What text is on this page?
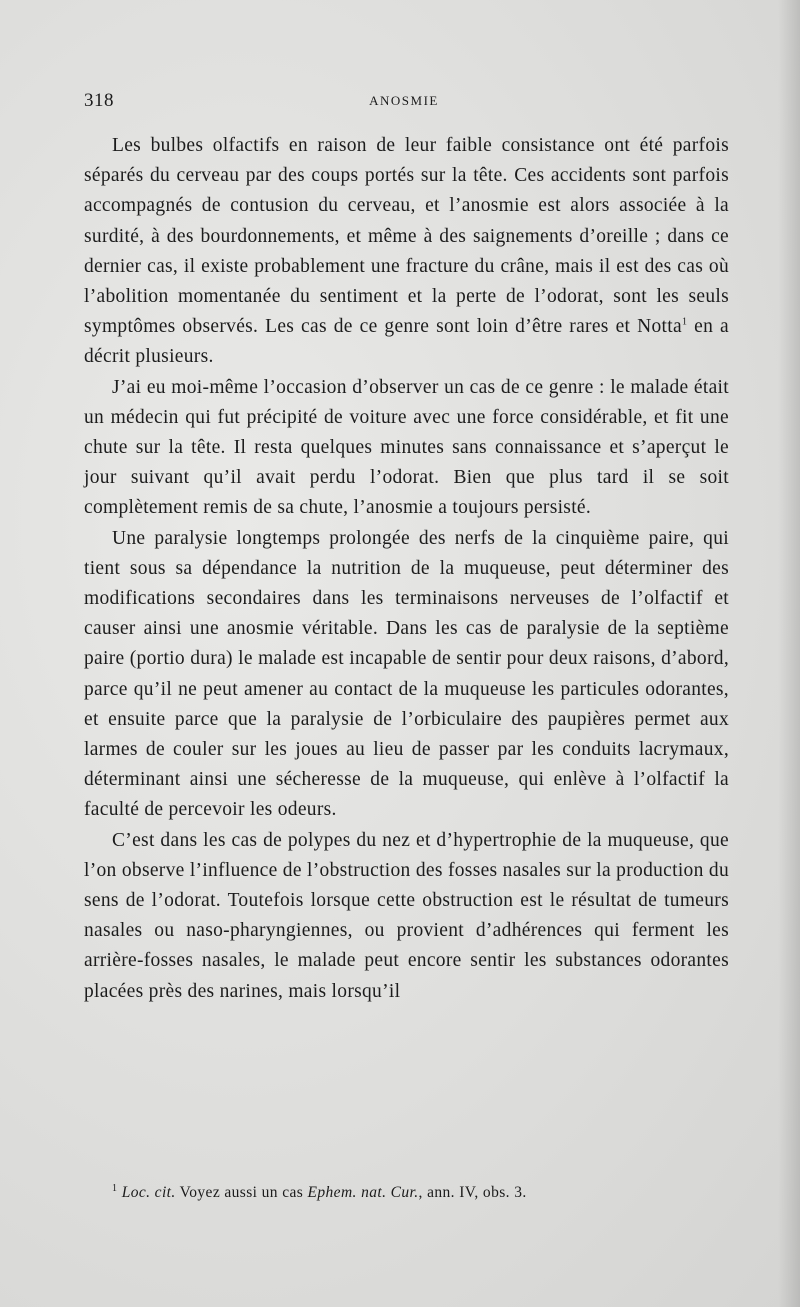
318	ANOSMIE

Les bulbes olfactifs en raison de leur faible consistance ont été parfois séparés du cerveau par des coups portés sur la tête. Ces accidents sont parfois accompagnés de contusion du cerveau, et l’anosmie est alors associée à la surdité, à des bourdonnements, et même à des saignements d’oreille ; dans ce dernier cas, il existe probablement une fracture du crâne, mais il est des cas où l’abolition momentanée du sentiment et la perte de l’odorat, sont les seuls symptômes observés. Les cas de ce genre sont loin d’être rares et Notta$^1$ en a décrit plusieurs.

J’ai eu moi-même l’occasion d’observer un cas de ce genre : le malade était un médecin qui fut précipité de voiture avec une force considérable, et fit une chute sur la tête. Il resta quelques minutes sans connaissance et s’aperçut le jour suivant qu’il avait perdu l’odorat. Bien que plus tard il se soit complètement remis de sa chute, l’anosmie a toujours persisté.

Une paralysie longtemps prolongée des nerfs de la cinquième paire, qui tient sous sa dépendance la nutrition de la muqueuse, peut déterminer des modifications secondaires dans les terminaisons nerveuses de l’olfactif et causer ainsi une anosmie véritable. Dans les cas de paralysie de la septième paire (portio dura) le malade est incapable de sentir pour deux raisons, d’abord, parce qu’il ne peut amener au contact de la muqueuse les particules odorantes, et ensuite parce que la paralysie de l’orbiculaire des paupières permet aux larmes de couler sur les joues au lieu de passer par les conduits lacrymaux, déterminant ainsi une sécheresse de la muqueuse, qui enlève à l’olfactif la faculté de percevoir les odeurs.

C’est dans les cas de polypes du nez et d’hypertrophie de la muqueuse, que l’on observe l’influence de l’obstruction des fosses nasales sur la production du sens de l’odorat. Toutefois lorsque cette obstruction est le résultat de tumeurs nasales ou naso-pharyngiennes, ou provient d’adhérences qui ferment les arrière-fosses nasales, le malade peut encore sentir les substances odorantes placées près des narines, mais lorsqu’il

$^1$ Loc. cit. Voyez aussi un cas Ephem. nat. Cur., ann. IV, obs. 3.
